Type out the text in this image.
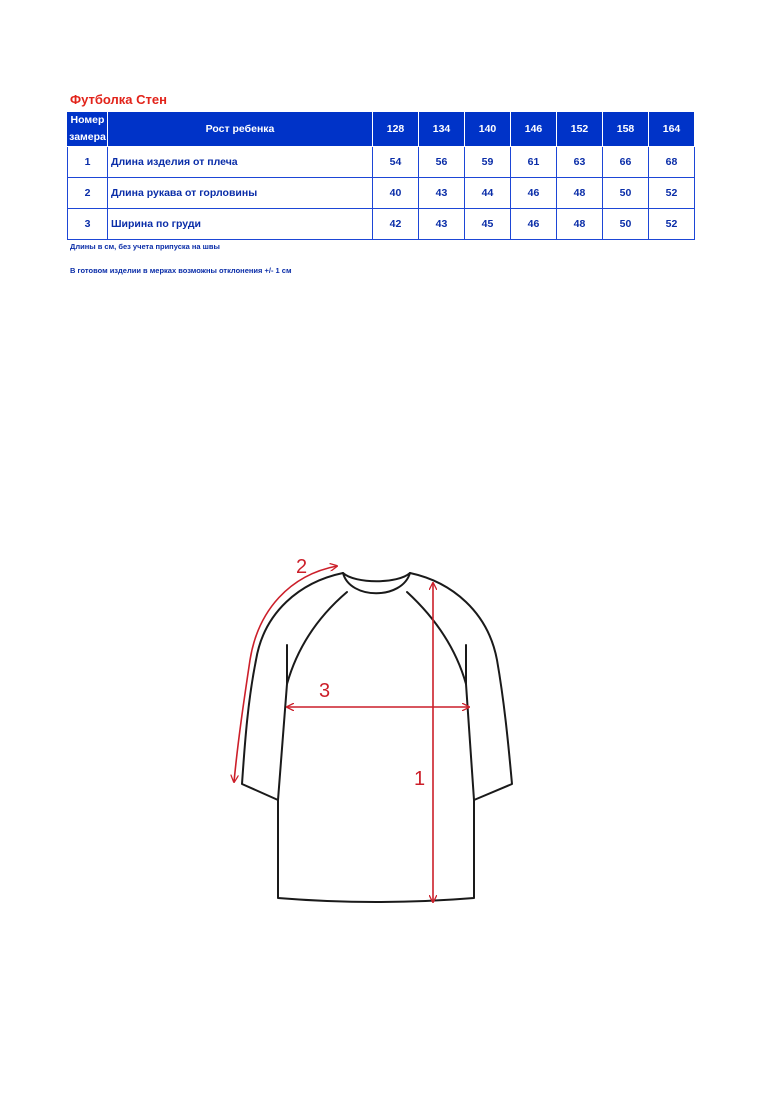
Футболка Стен
Номер
замера	Рост ребенка	128	134	140	146	152	158	164
1	Длина изделия от плеча	54	56	59	61	63	66	68
2	Длина рукава от горловины	40	43	44	46	48	50	52
3	Ширина по груди	42	43	45	46	48	50	52
Длины в см, без учета припуска на швы
В готовом изделии в мерках возможны отклонения +/- 1 см
2
3
1
